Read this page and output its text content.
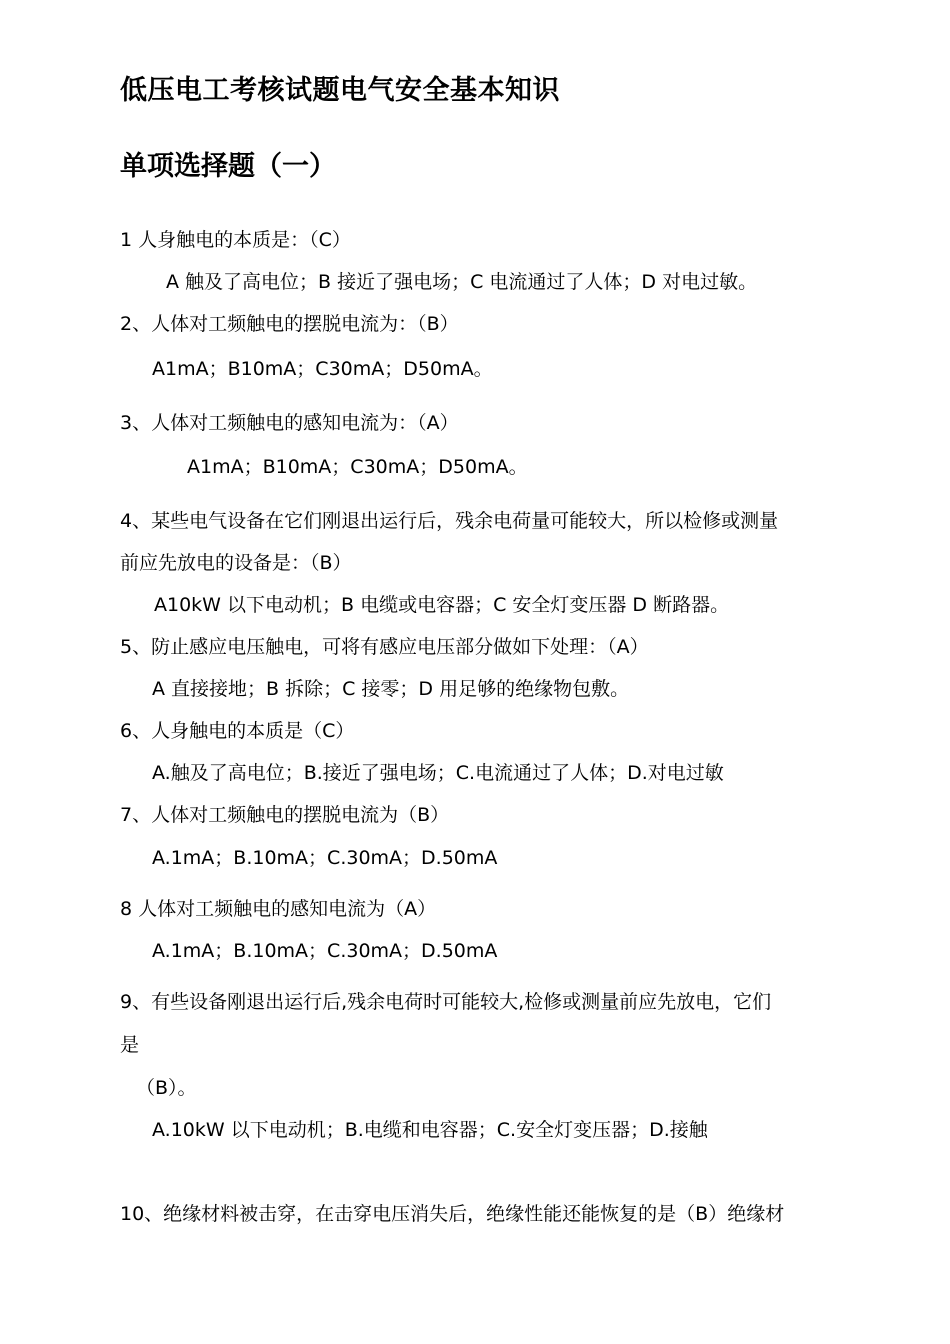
低压电工考核试题电气安全基本知识
单项选择题（一）
1 人身触电的本质是：（C）
A 触及了高电位；B 接近了强电场；C 电流通过了人体；D 对电过敏。
2、人体对工频触电的摆脱电流为：（B）
A1mA；B10mA；C30mA；D50mA。
3、人体对工频触电的感知电流为：（A）
A1mA；B10mA；C30mA；D50mA。
4、某些电气设备在它们刚退出运行后，残余电荷量可能较大，所以检修或测量
前应先放电的设备是：（B）
A10kW 以下电动机；B 电缆或电容器；C 安全灯变压器 D 断路器。
5、防止感应电压触电，可将有感应电压部分做如下处理：（A）
A 直接接地；B 拆除；C 接零；D 用足够的绝缘物包敷。
6、人身触电的本质是（C）
A.触及了高电位；B.接近了强电场；C.电流通过了人体；D.对电过敏
7、人体对工频触电的摆脱电流为（B）
A.1mA；B.10mA；C.30mA；D.50mA
8 人体对工频触电的感知电流为（A）
A.1mA；B.10mA；C.30mA；D.50mA
9、有些设备刚退出运行后,残余电荷时可能较大,检修或测量前应先放电，它们
是
（B）。
A.10kW 以下电动机；B.电缆和电容器；C.安全灯变压器；D.接触
10、绝缘材料被击穿，在击穿电压消失后，绝缘性能还能恢复的是（B）绝缘材
